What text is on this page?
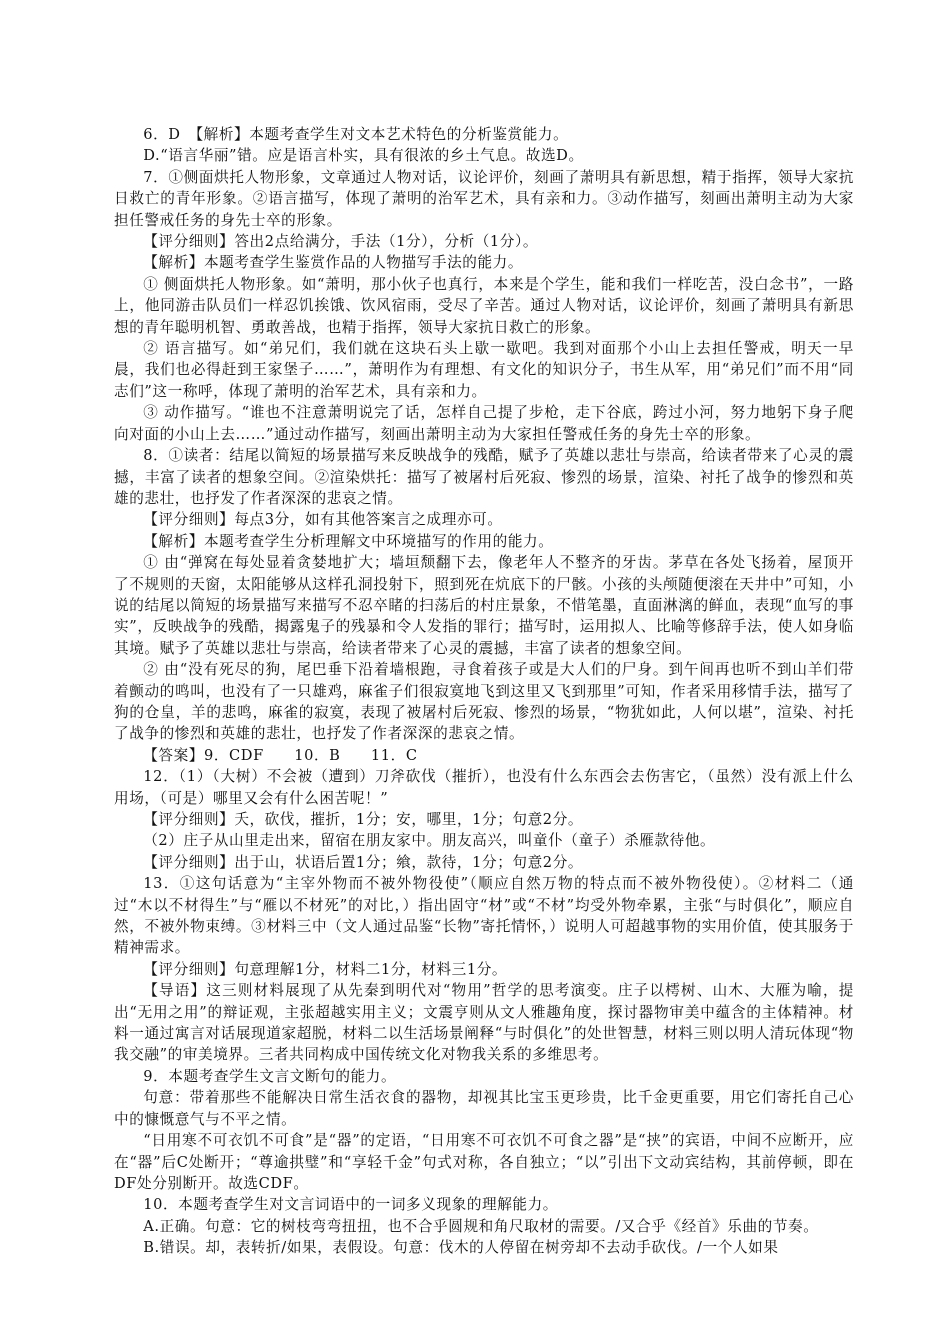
6．D　【解析】本题考查学生对文本艺术特色的分析鉴赏能力。

D.“语言华丽”错。应是语言朴实，具有很浓的乡土气息。故选D。

7．①侧面烘托人物形象，文章通过人物对话，议论评价，刻画了萧明具有新思想，精于指挥，领导大家抗日救亡的青年形象。②语言描写，体现了萧明的治军艺术，具有亲和力。③动作描写，刻画出萧明主动为大家担任警戒任务的身先士卒的形象。

【评分细则】答出2点给满分，手法（1分），分析（1分）。

【解析】本题考查学生鉴赏作品的人物描写手法的能力。

① 侧面烘托人物形象。如“萧明，那小伙子也真行，本来是个学生，能和我们一样吃苦，没白念书”，一路上，他同游击队员们一样忍饥挨饿、饮风宿雨，受尽了辛苦。通过人物对话，议论评价，刻画了萧明具有新思想的青年聪明机智、勇敢善战，也精于指挥，领导大家抗日救亡的形象。

② 语言描写。如“弟兄们，我们就在这块石头上歇一歇吧。我到对面那个小山上去担任警戒，明天一早晨，我们也必得赶到王家堡子……”，萧明作为有理想、有文化的知识分子，书生从军，用“弟兄们”而不用“同志们”这一称呼，体现了萧明的治军艺术，具有亲和力。

③ 动作描写。“谁也不注意萧明说完了话，怎样自己提了步枪，走下谷底，跨过小河，努力地躬下身子爬向对面的小山上去……”通过动作描写，刻画出萧明主动为大家担任警戒任务的身先士卒的形象。

8．①读者：结尾以简短的场景描写来反映战争的残酷，赋予了英雄以悲壮与崇高，给读者带来了心灵的震撼，丰富了读者的想象空间。②渲染烘托：描写了被屠村后死寂、惨烈的场景，渲染、衬托了战争的惨烈和英雄的悲壮，也抒发了作者深深的悲哀之情。

【评分细则】每点3分，如有其他答案言之成理亦可。

【解析】本题考查学生分析理解文中环境描写的作用的能力。

① 由“弹窝在每处显着贪婪地扩大；墙垣颓翻下去，像老年人不整齐的牙齿。茅草在各处飞扬着，屋顶开了不规则的天窗，太阳能够从这样孔洞投射下，照到死在炕底下的尸骸。小孩的头颅随便滚在天井中”可知，小说的结尾以简短的场景描写来描写不忍卒睹的扫荡后的村庄景象，不惜笔墨，直面淋漓的鲜血，表现“血写的事实”，反映战争的残酷，揭露鬼子的残暴和令人发指的罪行；描写时，运用拟人、比喻等修辞手法，使人如身临其境。赋予了英雄以悲壮与崇高，给读者带来了心灵的震撼，丰富了读者的想象空间。

② 由“没有死尽的狗，尾巴垂下沿着墙根跑，寻食着孩子或是大人们的尸身。到午间再也听不到山羊们带着颤动的鸣叫，也没有了一只雄鸡，麻雀子们很寂寞地飞到这里又飞到那里”可知，作者采用移情手法，描写了狗的仓皇，羊的悲鸣，麻雀的寂寞，表现了被屠村后死寂、惨烈的场景，“物犹如此，人何以堪”，渲染、衬托了战争的惨烈和英雄的悲壮，也抒发了作者深深的悲哀之情。

【答案】9．CDF　　10．B　　11．C

12．（1）（大树）不会被（遭到）刀斧砍伐（摧折），也没有什么东西会去伤害它，（虽然）没有派上什么用场，（可是）哪里又会有什么困苦呢！”

【评分细则】夭，砍伐，摧折，1分；安，哪里，1分；句意2分。

（2）庄子从山里走出来，留宿在朋友家中。朋友高兴，叫童仆（童子）杀雁款待他。

【评分细则】出于山，状语后置1分；飨，款待，1分；句意2分。

13．①这句话意为“主宰外物而不被外物役使”（顺应自然万物的特点而不被外物役使）。②材料二（通过“木以不材得生”与“雁以不材死”的对比，）指出固守“材”或“不材”均受外物牵累，主张“与时俱化”，顺应自然，不被外物束缚。③材料三中（文人通过品鉴“长物”寄托情怀，）说明人可超越事物的实用价值，使其服务于精神需求。

【评分细则】句意理解1分，材料二1分，材料三1分。

【导语】这三则材料展现了从先秦到明代对“物用”哲学的思考演变。庄子以樗树、山木、大雁为喻，提出“无用之用”的辩证观，主张超越实用主义；文震亨则从文人雅趣角度，探讨器物审美中蕴含的主体精神。材料一通过寓言对话展现道家超脱，材料二以生活场景阐释“与时俱化”的处世智慧，材料三则以明人清玩体现“物我交融”的审美境界。三者共同构成中国传统文化对物我关系的多维思考。

9．本题考查学生文言文断句的能力。

句意：带着那些不能解决日常生活衣食的器物，却视其比宝玉更珍贵，比千金更重要，用它们寄托自己心中的慷慨意气与不平之情。

“日用寒不可衣饥不可食”是“器”的定语，“日用寒不可衣饥不可食之器”是“挟”的宾语，中间不应断开，应在“器”后C处断开；“尊逾拱璧”和“享轻千金”句式对称，各自独立；“以”引出下文动宾结构，其前停顿，即在DF处分别断开。故选CDF。

10．本题考查学生对文言词语中的一词多义现象的理解能力。

A.正确。句意：它的树枝弯弯扭扭，也不合乎圆规和角尺取材的需要。/又合乎《经首》乐曲的节奏。

B.错误。却，表转折/如果，表假设。句意：伐木的人停留在树旁却不去动手砍伐。/一个人如果
